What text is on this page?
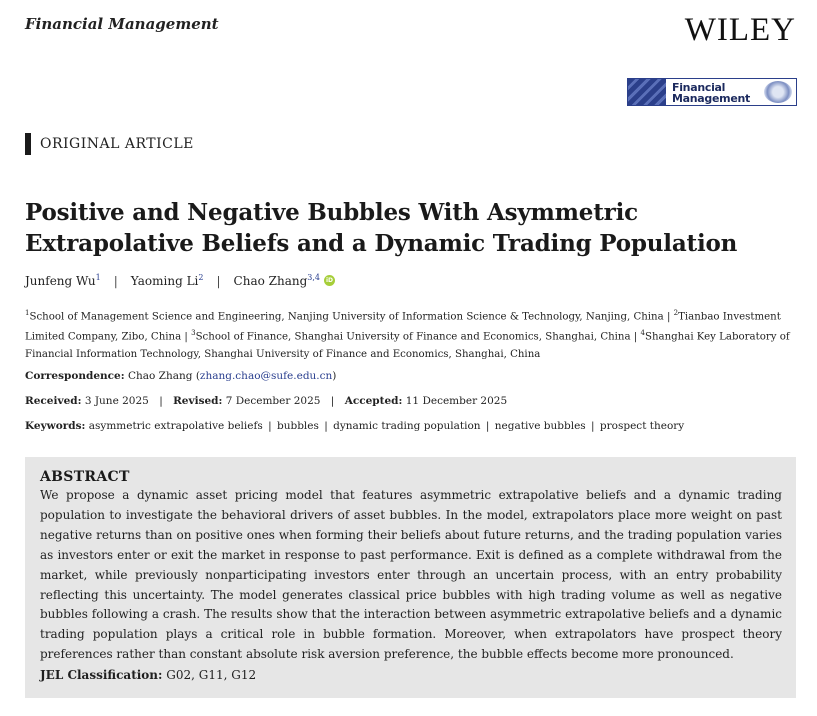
Financial Management	WILEY
Financial
Management
ORIGINAL ARTICLE
Positive and Negative Bubbles With Asymmetric
Extrapolative Beliefs and a Dynamic Trading Population
Junfeng Wu$^1$ | Yaoming Li$^2$ | Chao Zhang$^{3,4}$ iD

$^1$School of Management Science and Engineering, Nanjing University of Information Science & Technology, Nanjing, China | $^2$Tianbao Investment Limited Company, Zibo, China | $^3$School of Finance, Shanghai University of Finance and Economics, Shanghai, China | $^4$Shanghai Key Laboratory of Financial Information Technology, Shanghai University of Finance and Economics, Shanghai, China

Correspondence: Chao Zhang (zhang.chao@sufe.edu.cn)
Received: 3 June 2025 | Revised: 7 December 2025 | Accepted: 11 December 2025
Keywords: asymmetric extrapolative beliefs | bubbles | dynamic trading population | negative bubbles | prospect theory
ABSTRACT

We propose a dynamic asset pricing model that features asymmetric extrapolative beliefs and a dynamic trading population to investigate the behavioral drivers of asset bubbles. In the model, extrapolators place more weight on past negative returns than on positive ones when forming their beliefs about future returns, and the trading population varies as investors enter or exit the market in response to past performance. Exit is defined as a complete withdrawal from the market, while previously nonparticipating investors enter through an uncertain process, with an entry probability reflecting this uncertainty. The model generates classical price bubbles with high trading volume as well as negative bubbles following a crash. The results show that the interaction between asymmetric extrapolative beliefs and a dynamic trading population plays a critical role in bubble formation. Moreover, when extrapolators have prospect theory preferences rather than constant absolute risk aversion preference, the bubble effects become more pronounced.

JEL Classification: G02, G11, G12
